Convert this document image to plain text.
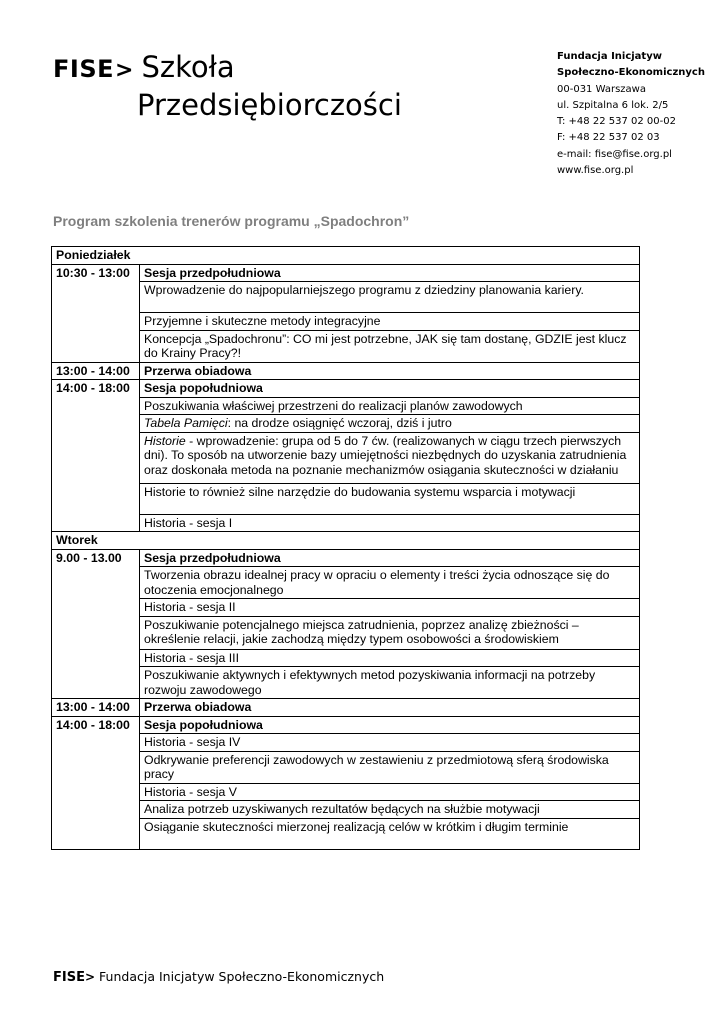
FISE > Szkoła
Przedsiębiorczości
Fundacja Inicjatyw
Społeczno-Ekonomicznych
00-031 Warszawa
ul. Szpitalna 6 lok. 2/5
T: +48 22 537 02 00-02
F: +48 22 537 02 03
e-mail: fise@fise.org.pl
www.fise.org.pl
Program szkolenia trenerów programu „Spadochron”
Poniedziałek	
10:30 - 13:00	Sesja przedpołudniowa
	Wprowadzenie do najpopularniejszego programu z dziedziny planowania kariery.
	Przyjemne i skuteczne metody integracyjne
	Koncepcja „Spadochronu”: CO mi jest potrzebne, JAK się tam dostanę, GDZIE jest klucz do Krainy Pracy?!
13:00 - 14:00	Przerwa obiadowa
14:00 - 18:00	Sesja popołudniowa
	Poszukiwania właściwej przestrzeni do realizacji planów zawodowych
	Tabela Pamięci: na drodze osiągnięć wczoraj, dziś i jutro
	Historie - wprowadzenie: grupa od 5 do 7 ćw. (realizowanych w ciągu trzech pierwszych dni). To sposób na utworzenie bazy umiejętności niezbędnych do uzyskania zatrudnienia oraz doskonała metoda na poznanie mechanizmów osiągania skuteczności w działaniu
	Historie to również silne narzędzie do budowania systemu wsparcia i motywacji
	Historia - sesja I
Wtorek	
9.00 - 13.00	Sesja przedpołudniowa
	Tworzenia obrazu idealnej pracy w opraciu o elementy i treści życia odnoszące się do otoczenia emocjonalnego
	Historia - sesja II
	Poszukiwanie potencjalnego miejsca zatrudnienia, poprzez analizę zbieżności – określenie relacji, jakie zachodzą między typem osobowości a środowiskiem
	Historia - sesja III
	Poszukiwanie aktywnych i efektywnych metod pozyskiwania informacji na potrzeby rozwoju zawodowego
13:00 - 14:00	Przerwa obiadowa
14:00 - 18:00	Sesja popołudniowa
	Historia - sesja IV
	Odkrywanie preferencji zawodowych w zestawieniu z przedmiotową sferą środowiska pracy
	Historia - sesja V
	Analiza potrzeb uzyskiwanych rezultatów będących na służbie motywacji
	Osiąganie skuteczności mierzonej realizacją celów w krótkim i długim terminie
FISE > Fundacja Inicjatyw Społeczno-Ekonomicznych
